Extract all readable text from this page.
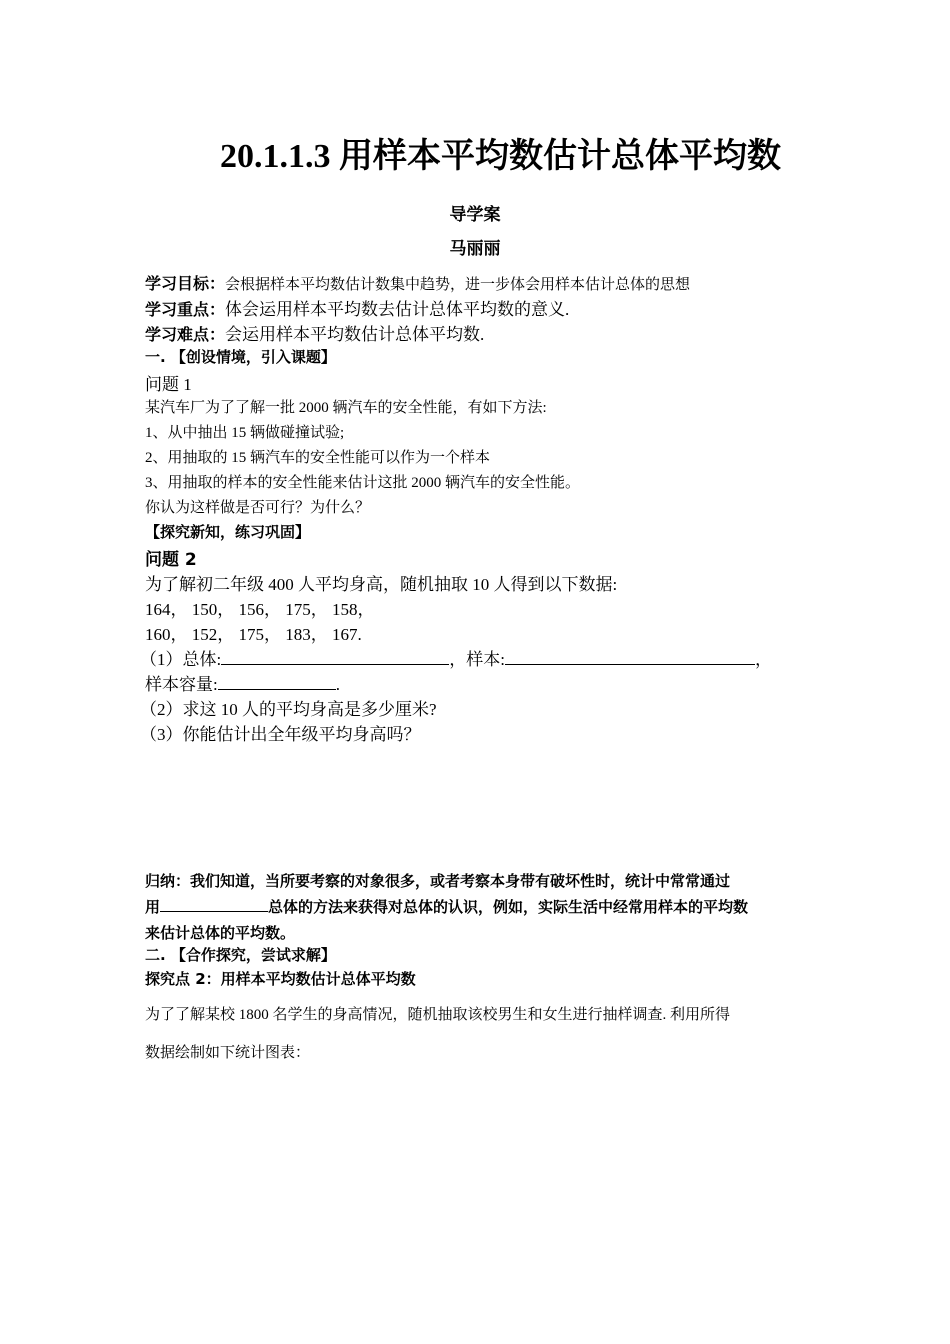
20.1.1.3 用样本平均数估计总体平均数
导学案
马丽丽
学习目标：会根据样本平均数估计数集中趋势，进一步体会用样本估计总体的思想
学习重点：体会运用样本平均数去估计总体平均数的意义.
学习难点：会运用样本平均数估计总体平均数.
一. 【创设情境，引入课题】
问题 1
某汽车厂为了了解一批 2000 辆汽车的安全性能，有如下方法:
1、从中抽出 15 辆做碰撞试验;
2、用抽取的 15 辆汽车的安全性能可以作为一个样本
3、用抽取的样本的安全性能来估计这批 2000 辆汽车的安全性能。
你认为这样做是否可行？为什么？
【探究新知，练习巩固】
问题 2
为了解初二年级 400 人平均身高，随机抽取 10 人得到以下数据:
164， 150， 156， 175， 158，
160， 152， 175， 183， 167.
（1）总体:	，样本:	，
样本容量:	.
（2）求这 10 人的平均身高是多少厘米?
（3）你能估计出全年级平均身高吗？
归纳：我们知道，当所要考察的对象很多，或者考察本身带有破坏性时，统计中常常通过
用	总体的方法来获得对总体的认识，例如，实际生活中经常用样本的平均数
来估计总体的平均数。
二. 【合作探究，尝试求解】
探究点 2：用样本平均数估计总体平均数
为了了解某校 1800 名学生的身高情况，随机抽取该校男生和女生进行抽样调查. 利用所得
数据绘制如下统计图表：
